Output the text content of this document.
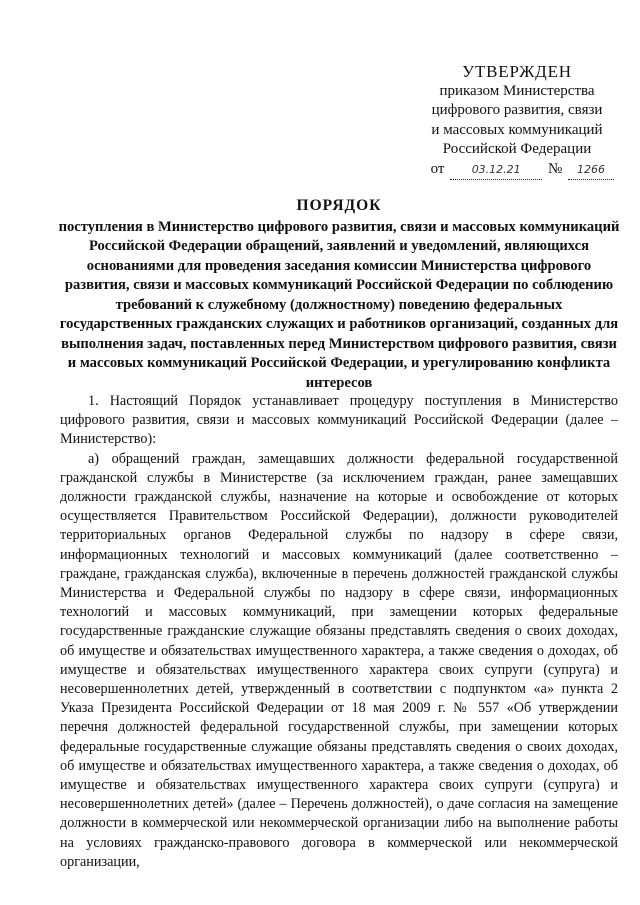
УТВЕРЖДЕН
приказом Министерства
цифрового развития, связи
и массовых коммуникаций
Российской Федерации
от 03.12.21 № 1266
ПОРЯДОК
поступления в Министерство цифрового развития, связи и массовых коммуникаций Российской Федерации обращений, заявлений и уведомлений, являющихся основаниями для проведения заседания комиссии Министерства цифрового развития, связи и массовых коммуникаций Российской Федерации по соблюдению требований к служебному (должностному) поведению федеральных государственных гражданских служащих и работников организаций, созданных для выполнения задач, поставленных перед Министерством цифрового развития, связи и массовых коммуникаций Российской Федерации, и урегулированию конфликта интересов

1. Настоящий Порядок устанавливает процедуру поступления в Министерство цифрового развития, связи и массовых коммуникаций Российской Федерации (далее – Министерство):

а) обращений граждан, замещавших должности федеральной государственной гражданской службы в Министерстве (за исключением граждан, ранее замещавших должности гражданской службы, назначение на которые и освобождение от которых осуществляется Правительством Российской Федерации), должности руководителей территориальных органов Федеральной службы по надзору в сфере связи, информационных технологий и массовых коммуникаций (далее соответственно – гражданe, гражданская служба), включенные в перечень должностей гражданской службы Министерства и Федеральной службы по надзору в сфере связи, информационных технологий и массовых коммуникаций, при замещении которых федеральные государственные гражданские служащие обязаны представлять сведения о своих доходах, об имуществе и обязательствах имущественного характера, а также сведения о доходах, об имуществе и обязательствах имущественного характера своих супруги (супруга) и несовершеннолетних детей, утвержденный в соответствии с подпунктом «а» пункта 2 Указа Президента Российской Федерации от 18 мая 2009 г. № 557 «Об утверждении перечня должностей федеральной государственной службы, при замещении которых федеральные государственные служащие обязаны представлять сведения о своих доходах, об имуществе и обязательствах имущественного характера, а также сведения о доходах, об имуществе и обязательствах имущественного характера своих супруги (супруга) и несовершеннолетних детей» (далее – Перечень должностей), о даче согласия на замещение должности в коммерческой или некоммерческой организации либо на выполнение работы на условиях гражданско-правового договора в коммерческой или некоммерческой организации,
